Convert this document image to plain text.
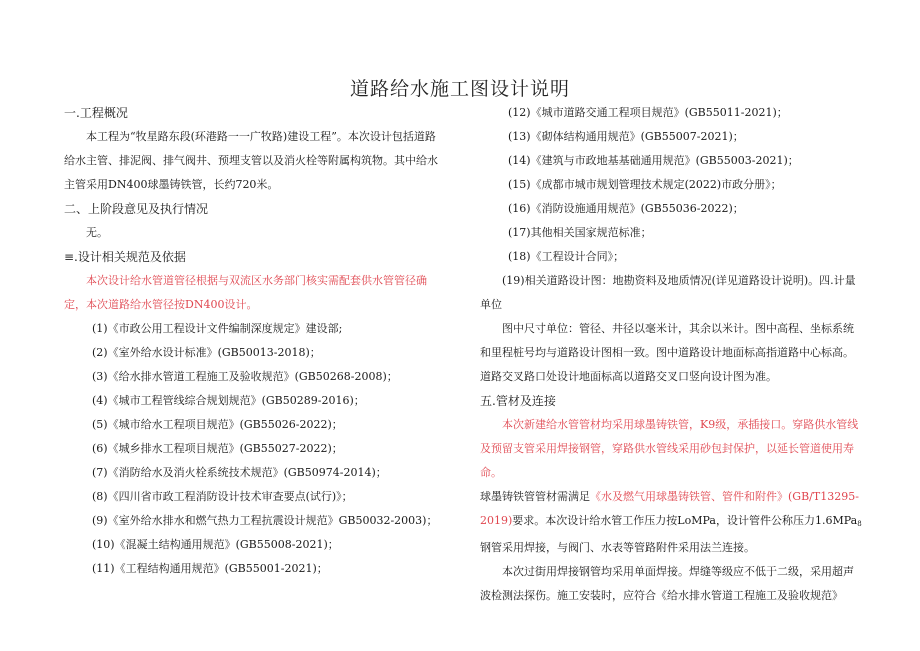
道路给水施工图设计说明

一.工程概况

本工程为“牧星路东段(环港路一一广牧路)建设工程”。本次设计包括道路给水主管、排泥阀、排气阀井、预埋支管以及消火栓等附属构筑物。其中给水主管采用DN400球墨铸铁管，长约720米。

二、上阶段意见及执行情况

无。

≡.设计相关规范及依据

本次设计给水管道管径根据与双流区水务部门核实需配套供水管管径确定，本次道路给水管径按DN400设计。

(1)《市政公用工程设计文件编制深度规定》建设部;

(2)《室外给水设计标准》(GB50013-2018)；

(3)《给水排水管道工程施工及验收规范》(GB50268-2008)；

(4)《城市工程管线综合规划规范》(GB50289-2016)；

(5)《城市给水工程项目规范》(GB55026-2022)；

(6)《城乡排水工程项目规范》(GB55027-2022)；

(7)《消防给水及消火栓系统技术规范》(GB50974-2014)；

(8)《四川省市政工程消防设计技术审查要点(试行)》；

(9)《室外给水排水和燃气热力工程抗震设计规范》GB50032-2003)；

(10)《混凝土结构通用规范》(GB55008-2021)；

(11)《工程结构通用规范》(GB55001-2021)；

(12)《城市道路交通工程项目规范》(GB55011-2021)；

(13)《砌体结构通用规范》(GB55007-2021)；

(14)《建筑与市政地基基础通用规范》(GB55003-2021)；

(15)《成都市城市规划管理技术规定(2022)市政分册》；

(16)《消防设施通用规范》(GB55036-2022)；

(17)其他相关国家规范标准；

(18)《工程设计合同》；

(19)相关道路设计图：地勘资料及地质情况(详见道路设计说明)。四.计量单位

图中尺寸单位：管径、井径以毫米计，其余以米计。图中高程、坐标系统和里程桩号均与道路设计图相一致。图中道路设计地面标高指道路中心标高。道路交叉路口处设计地面标高以道路交叉口竖向设计图为准。

五.管材及连接

本次新建给水管管材均采用球墨铸铁管，K9级，承插接口。穿路供水管线及预留支管采用焊接钢管，穿路供水管线采用砂包封保护，以延长管道使用寿命。

球墨铸铁管管材需满足《水及燃气用球墨铸铁管、管件和附件》(GB/T13295-2019)要求。本次设计给水管工作压力按LoMPa，设计管件公称压力1.6MPa$_8$钢管采用焊接，与阀门、水表等管路附件采用法兰连接。

本次过街用焊接钢管均采用单面焊接。焊缝等级应不低于二级，采用超声波检测法探伤。施工安装时，应符合《给水排水管道工程施工及验收规范》
